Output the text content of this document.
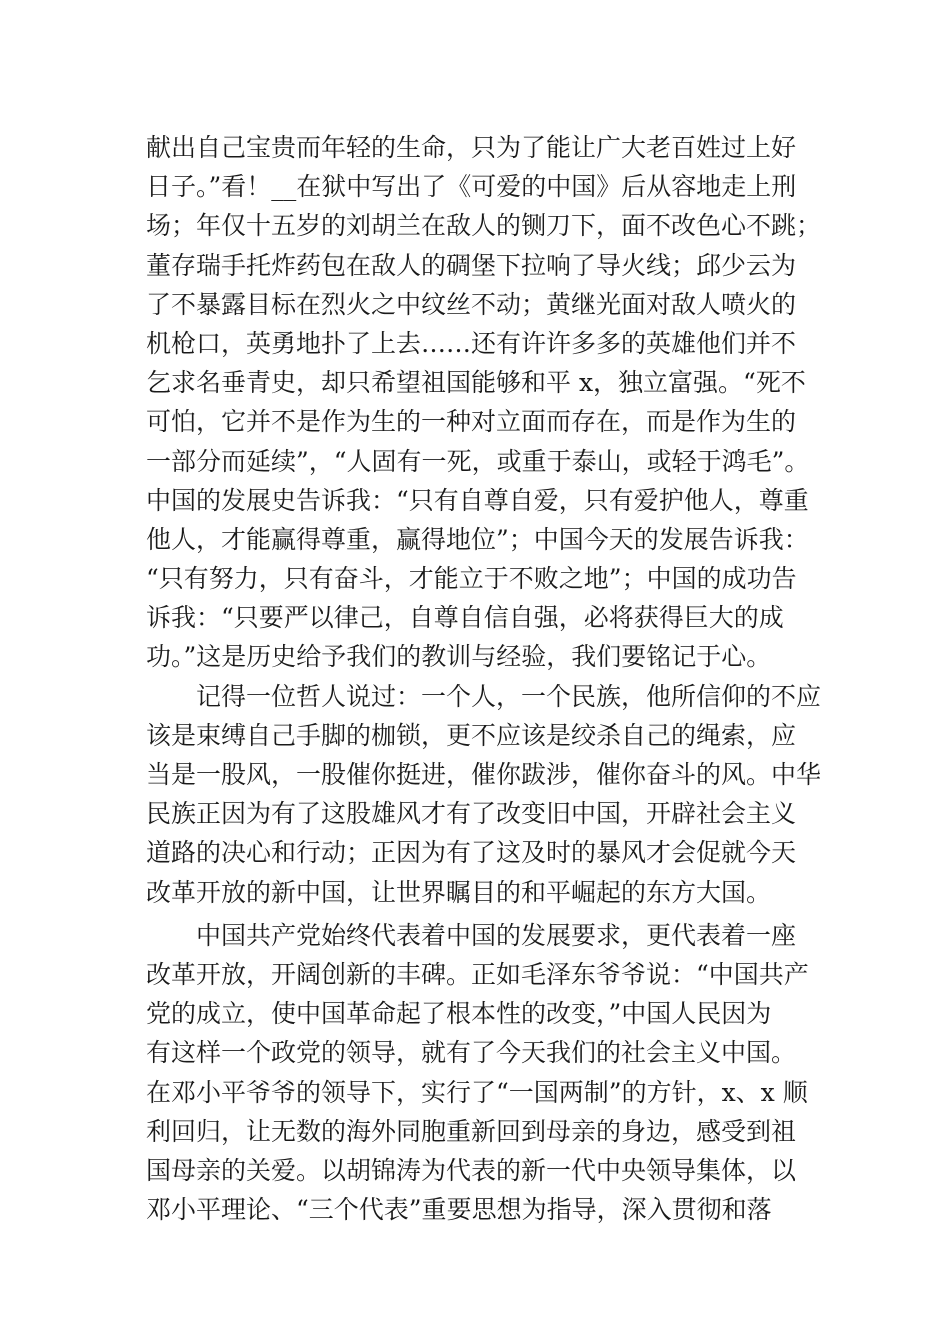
献出自己宝贵而年轻的生命，只为了能让广大老百姓过上好
日子。”看！__在狱中写出了《可爱的中国》后从容地走上刑
场；年仅十五岁的刘胡兰在敌人的铡刀下，面不改色心不跳；
董存瑞手托炸药包在敌人的碉堡下拉响了导火线；邱少云为
了不暴露目标在烈火之中纹丝不动；黄继光面对敌人喷火的
机枪口，英勇地扑了上去……还有许许多多的英雄他们并不
乞求名垂青史，却只希望祖国能够和平 x，独立富强。“死不
可怕，它并不是作为生的一种对立面而存在，而是作为生的
一部分而延续”，“人固有一死，或重于泰山，或轻于鸿毛”。
中国的发展史告诉我：“只有自尊自爱，只有爱护他人，尊重
他人，才能赢得尊重，赢得地位”；中国今天的发展告诉我：
“只有努力，只有奋斗，才能立于不败之地”；中国的成功告
诉我：“只要严以律己，自尊自信自强，必将获得巨大的成
功。”这是历史给予我们的教训与经验，我们要铭记于心。
　　记得一位哲人说过：一个人，一个民族，他所信仰的不应
该是束缚自己手脚的枷锁，更不应该是绞杀自己的绳索，应
当是一股风，一股催你挺进，催你跋涉，催你奋斗的风。中华
民族正因为有了这股雄风才有了改变旧中国，开辟社会主义
道路的决心和行动；正因为有了这及时的暴风才会促就今天
改革开放的新中国，让世界瞩目的和平崛起的东方大国。
　　中国共产党始终代表着中国的发展要求，更代表着一座
改革开放，开阔创新的丰碑。正如毛泽东爷爷说：“中国共产
党的成立，使中国革命起了根本性的改变，”中国人民因为
有这样一个政党的领导，就有了今天我们的社会主义中国。
在邓小平爷爷的领导下，实行了“一国两制”的方针，x、x 顺
利回归，让无数的海外同胞重新回到母亲的身边，感受到祖
国母亲的关爱。以胡锦涛为代表的新一代中央领导集体，以
邓小平理论、“三个代表”重要思想为指导，深入贯彻和落
